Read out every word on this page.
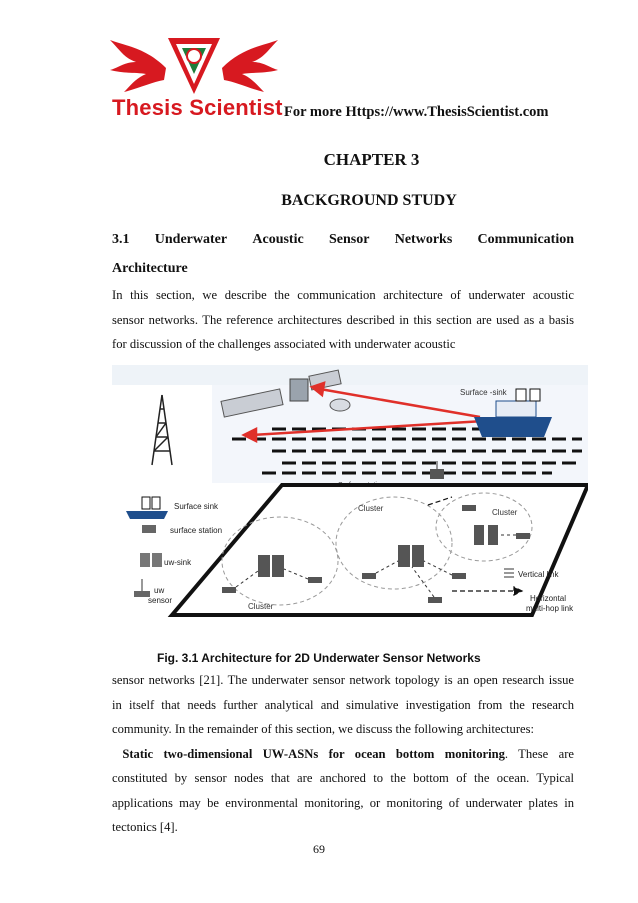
Thesis Scientist For more Https://www.ThesisScientist.com
CHAPTER 3
BACKGROUND STUDY
3.1 Underwater Acoustic Sensor Networks Communication
Architecture
In this section, we describe the communication architecture of underwater acoustic
sensor networks. The reference architectures described in this section are used as a basis
for discussion of the challenges associated with underwater acoustic
Surface -sink
Surface station
Surface sink
surface station
uw-sink
uw
sensor
Cluster	Cluster
Cluster
Vertical link
Horizontal
multi-hop link
Fig. 3.1 Architecture for 2D Underwater Sensor Networks
sensor networks [21]. The underwater sensor network topology is an open research issue
in itself that needs further analytical and simulative investigation from the research
community. In the remainder of this section, we discuss the following architectures:
Static two-dimensional UW-ASNs for ocean bottom monitoring. These are
constituted by sensor nodes that are anchored to the bottom of the ocean. Typical
applications may be environmental monitoring, or monitoring of underwater plates in
tectonics [4].
69
